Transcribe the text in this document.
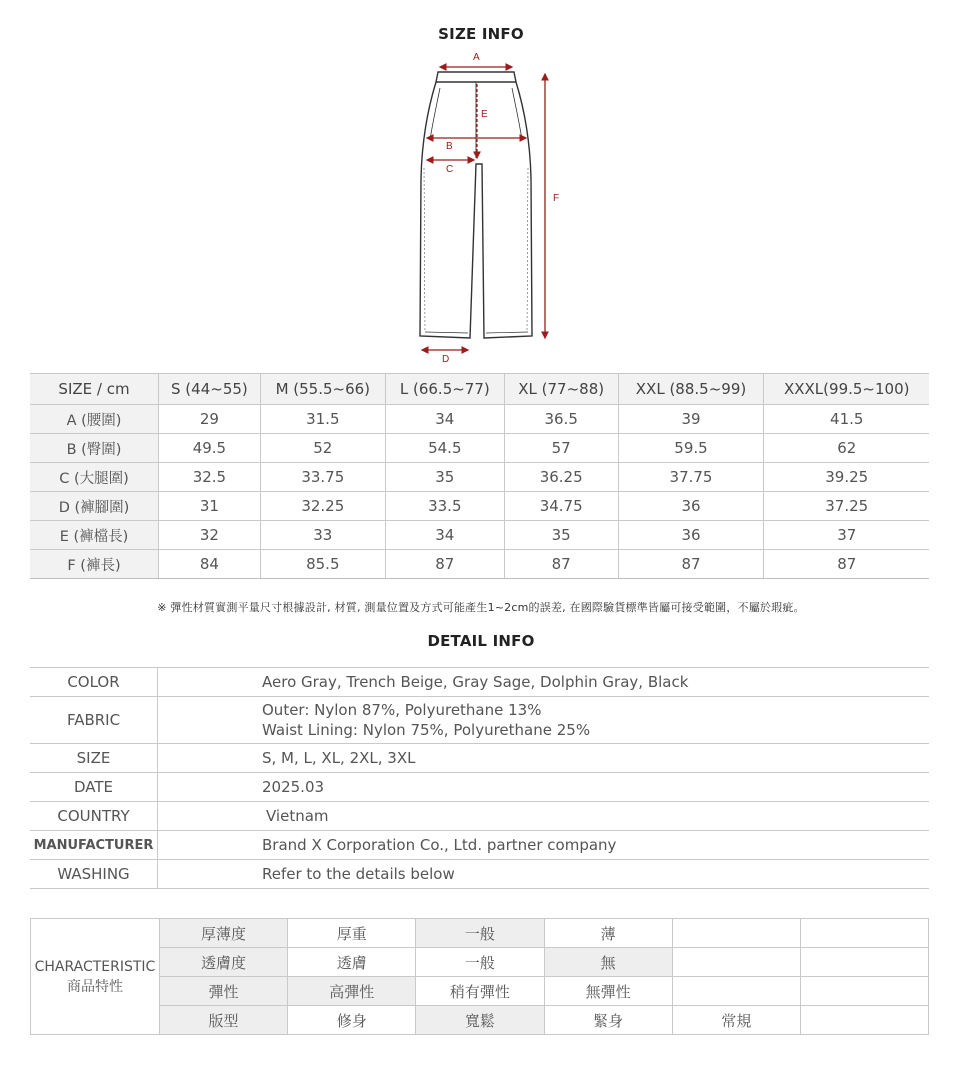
SIZE INFO
A
B
C
D
E
F
SIZE / cm	S (44~55)	M (55.5~66)	L (66.5~77)	XL (77~88)	XXL (88.5~99)	XXXL(99.5~100)
A (腰圍)	29	31.5	34	36.5	39	41.5
B (臀圍)	49.5	52	54.5	57	59.5	62
C (大腿圍)	32.5	33.75	35	36.25	37.75	39.25
D (褲腳圍)	31	32.25	33.5	34.75	36	37.25
E (褲檔長)	32	33	34	35	36	37
F (褲長)	84	85.5	87	87	87	87
※ 彈性材質實測平量尺寸根據設計, 材質, 測量位置及方式可能產生1~2cm的誤差, 在國際驗貨標準皆屬可接受範圍，不屬於瑕疵。
DETAIL INFO
COLOR	Aero Gray, Trench Beige, Gray Sage, Dolphin Gray, Black
FABRIC	Outer: Nylon 87%, Polyurethane 13%
Waist Lining: Nylon 75%, Polyurethane 25%

SIZE	S, M, L, XL, 2XL, 3XL
DATE	2025.03
COUNTRY	Vietnam
MANUFACTURER	Brand X Corporation Co., Ltd. partner company
WASHING	Refer to the details below
CHARACTERISTIC
商品特性	厚薄度	厚重	一般	薄		
	透膚度	透膚	一般	無		
	彈性	高彈性	稍有彈性	無彈性		
	版型	修身	寬鬆	緊身	常規	
